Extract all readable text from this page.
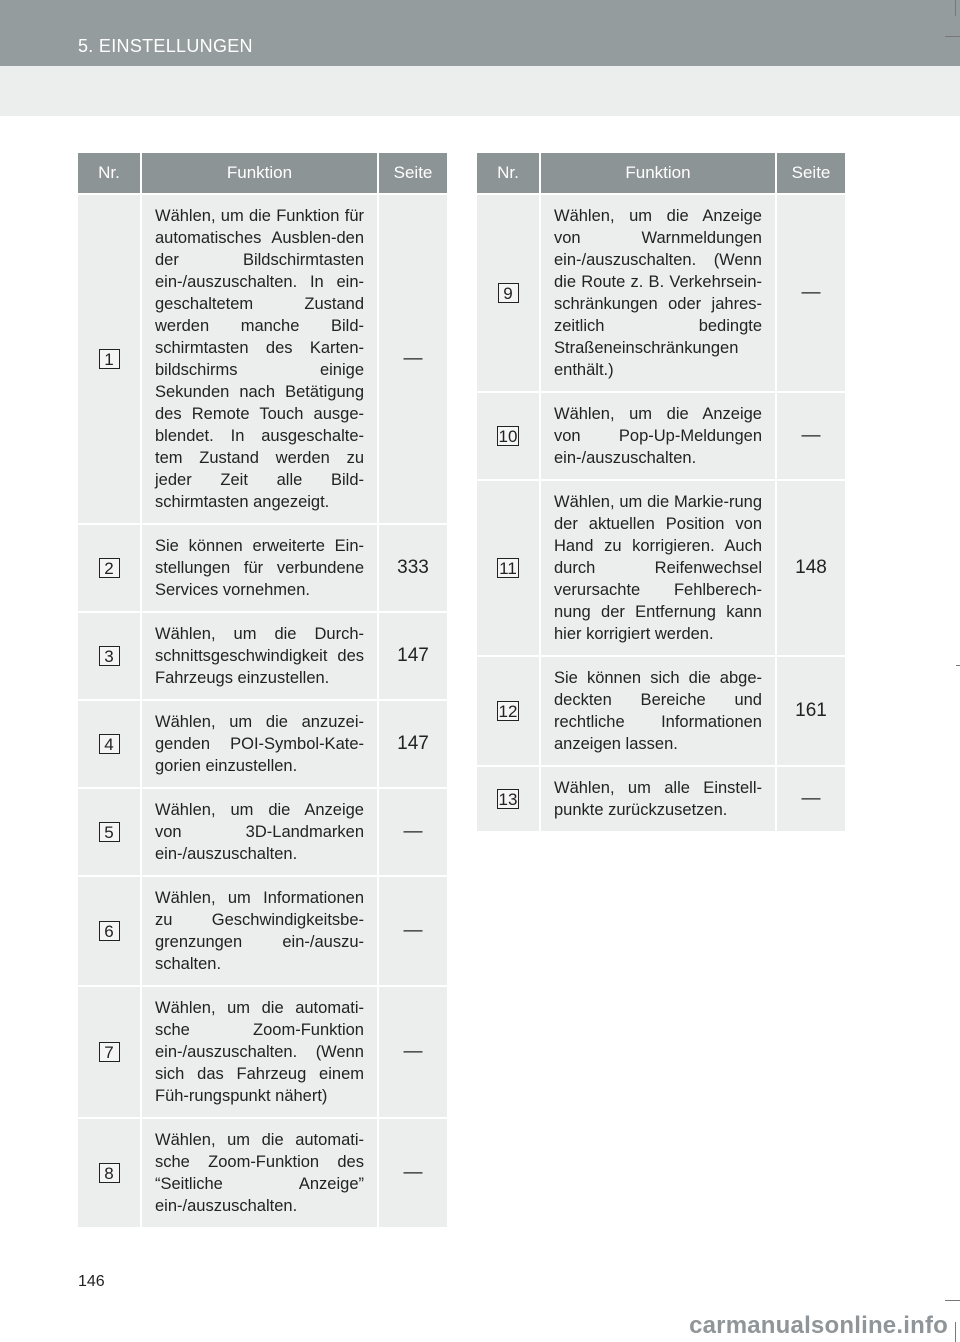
5. EINSTELLUNGEN
Nr.	Funktion	Seite
1	Wählen, um die Funktion für automatisches Ausblen-den der Bildschirmtasten ein-/auszuschalten. In ein-geschaltetem Zustand werden manche Bild-schirmtasten des Karten-bildschirms einige Sekunden nach Betätigung des Remote Touch ausge-blendet. In ausgeschalte-tem Zustand werden zu jeder Zeit alle Bild-schirmtasten angezeigt.	—
2	Sie können erweiterte Ein-stellungen für verbundene Services vornehmen.	333
3	Wählen, um die Durch-schnittsgeschwindigkeit des Fahrzeugs einzustellen.	147
4	Wählen, um die anzuzei-genden POI-Symbol-Kate-gorien einzustellen.	147
5	Wählen, um die Anzeige von 3D-Landmarken ein-/auszuschalten.	—
6	Wählen, um Informationen zu Geschwindigkeitsbe-grenzungen ein-/auszu-schalten.	—
7	Wählen, um die automati-sche Zoom-Funktion ein-/auszuschalten. (Wenn sich das Fahrzeug einem Füh-rungspunkt nähert)	—
8	Wählen, um die automati-sche Zoom-Funktion des “Seitliche Anzeige” ein-/auszuschalten.	—
Nr.	Funktion	Seite
9	Wählen, um die Anzeige von Warnmeldungen ein-/auszuschalten. (Wenn die Route z. B. Verkehrsein-schränkungen oder jahres-zeitlich bedingte Straßeneinschränkungen enthält.)	—
10	Wählen, um die Anzeige von Pop-Up-Meldungen ein-/auszuschalten.	—
11	Wählen, um die Markie-rung der aktuellen Position von Hand zu korrigieren. Auch durch Reifenwechsel verursachte Fehlberech-nung der Entfernung kann hier korrigiert werden.	148
12	Sie können sich die abge-deckten Bereiche und rechtliche Informationen anzeigen lassen.	161
13	Wählen, um alle Einstell-punkte zurückzusetzen.	—
146
carmanualsonline.info
